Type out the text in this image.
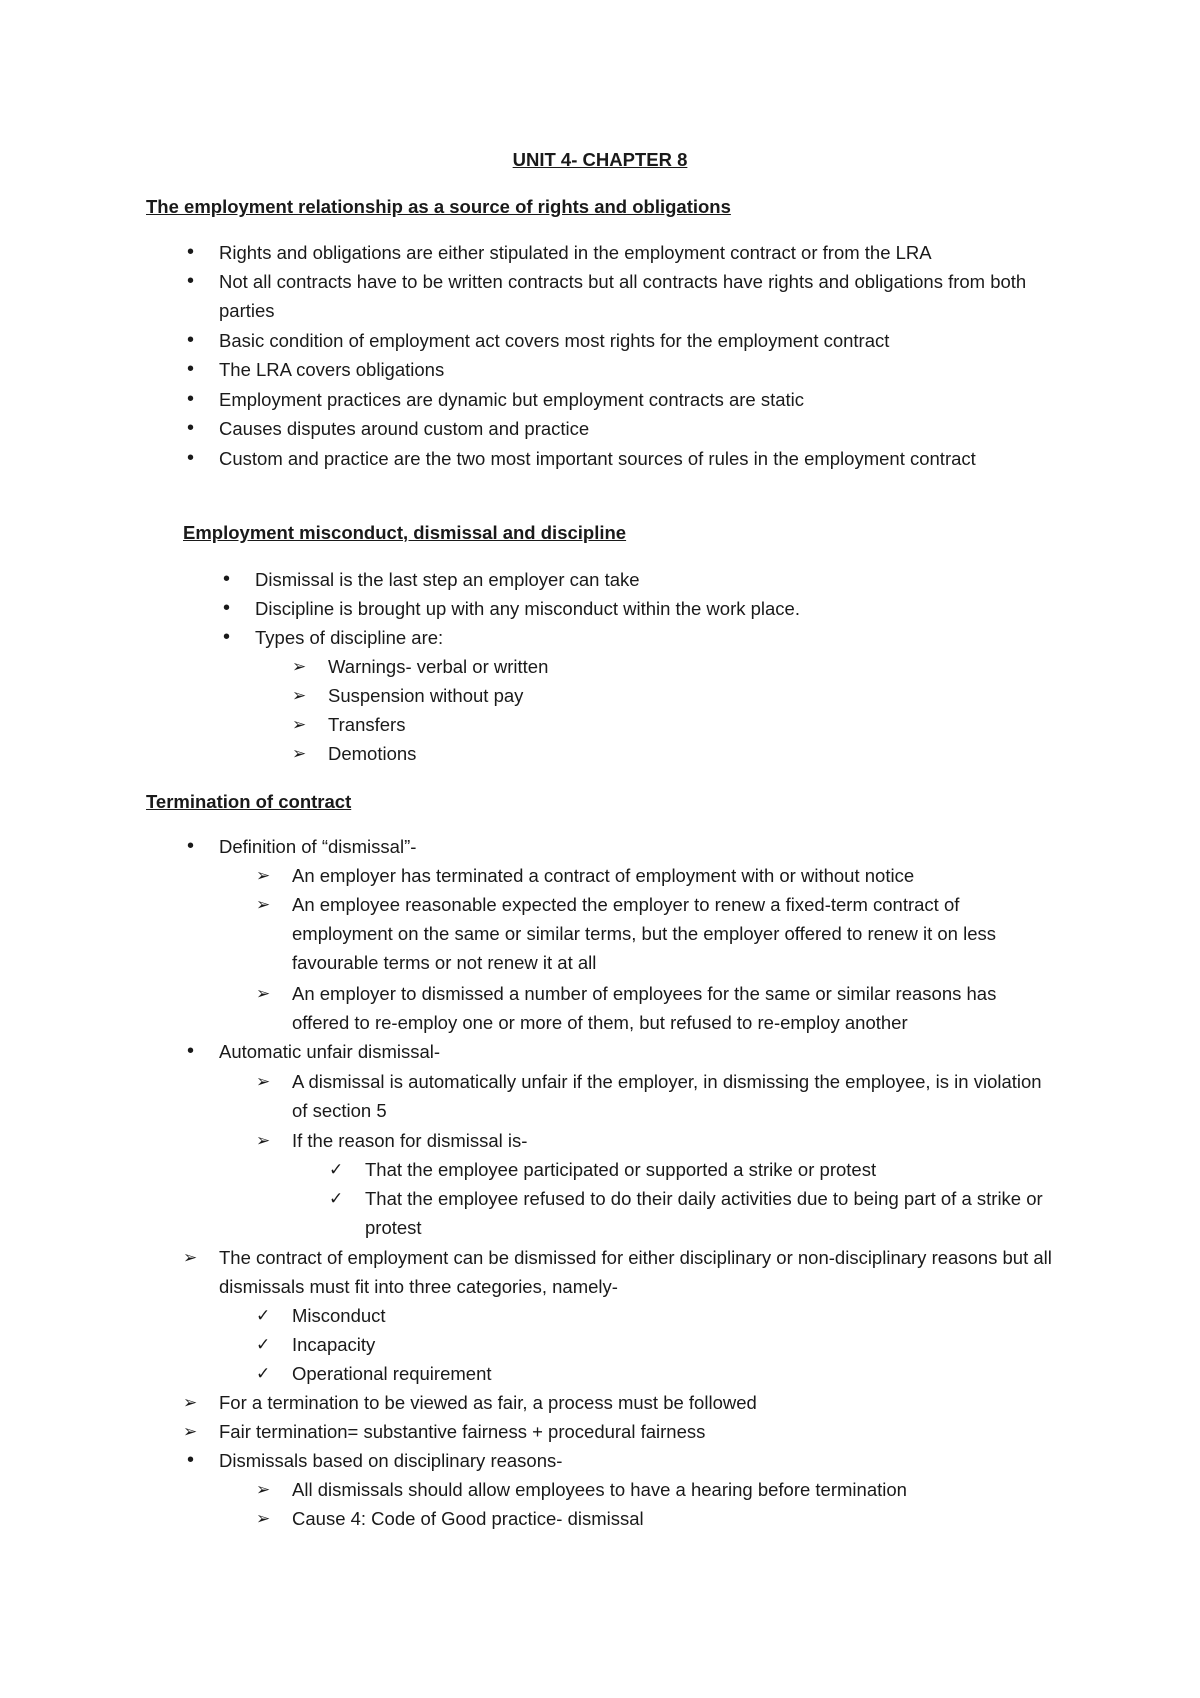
UNIT 4- CHAPTER 8
The employment relationship as a source of rights and obligations
• Rights and obligations are either stipulated in the employment contract or from the LRA
• Not all contracts have to be written contracts but all contracts have rights and obligations from both parties
• Basic condition of employment act covers most rights for the employment contract
• The LRA covers obligations
• Employment practices are dynamic but employment contracts are static
• Causes disputes around custom and practice
• Custom and practice are the two most important sources of rules in the employment contract
Employment misconduct, dismissal and discipline
• Dismissal is the last step an employer can take
• Discipline is brought up with any misconduct within the work place.
• Types of discipline are:
➢ Warnings- verbal or written
➢ Suspension without pay
➢ Transfers
➢ Demotions
Termination of contract
• Definition of “dismissal”-
➢ An employer has terminated a contract of employment with or without notice
➢ An employee reasonable expected the employer to renew a fixed-term contract of employment on the same or similar terms, but the employer offered to renew it on less favourable terms or not renew it at all
➢ An employer to dismissed a number of employees for the same or similar reasons has offered to re-employ one or more of them, but refused to re-employ another
• Automatic unfair dismissal-
➢ A dismissal is automatically unfair if the employer, in dismissing the employee, is in violation of section 5
➢ If the reason for dismissal is-
✓ That the employee participated or supported a strike or protest
✓ That the employee refused to do their daily activities due to being part of a strike or protest
➢ The contract of employment can be dismissed for either disciplinary or non-disciplinary reasons but all dismissals must fit into three categories, namely-
✓ Misconduct
✓ Incapacity
✓ Operational requirement
➢ For a termination to be viewed as fair, a process must be followed
➢ Fair termination= substantive fairness + procedural fairness
• Dismissals based on disciplinary reasons-
➢ All dismissals should allow employees to have a hearing before termination
➢ Cause 4: Code of Good practice- dismissal
